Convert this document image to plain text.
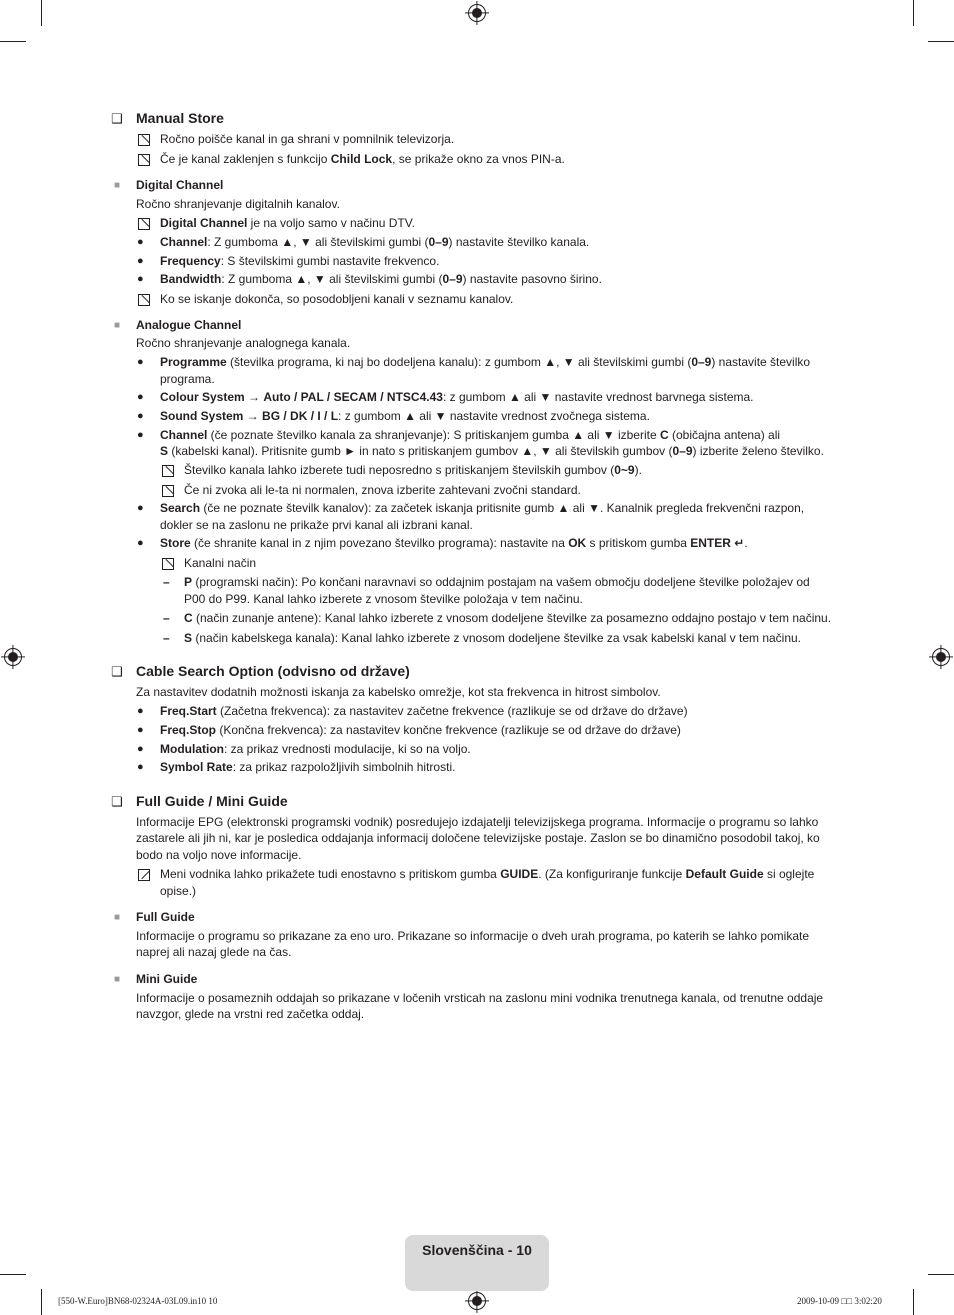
❑ Manual Store
Ročno poišče kanal in ga shrani v pomnilnik televizorja.
Če je kanal zaklenjen s funkcijo Child Lock, se prikaže okno za vnos PIN-a.
■ Digital Channel
Ročno shranjevanje digitalnih kanalov.
Digital Channel je na voljo samo v načinu DTV.
● Channel: Z gumboma ▲, ▼ ali številskimi gumbi (0–9) nastavite številko kanala.
● Frequency: S številskimi gumbi nastavite frekvenco.
● Bandwidth: Z gumboma ▲, ▼ ali številskimi gumbi (0–9) nastavite pasovno širino.
Ko se iskanje dokonča, so posodobljeni kanali v seznamu kanalov.
■ Analogue Channel
Ročno shranjevanje analognega kanala.
● Programme (številka programa, ki naj bo dodeljena kanalu): z gumbom ▲, ▼ ali številskimi gumbi (0–9) nastavite številko
programa.
● Colour System → Auto / PAL / SECAM / NTSC4.43: z gumbom ▲ ali ▼ nastavite vrednost barvnega sistema.
● Sound System → BG / DK / I / L: z gumbom ▲ ali ▼ nastavite vrednost zvočnega sistema.
● Channel (če poznate številko kanala za shranjevanje): S pritiskanjem gumba ▲ ali ▼ izberite C (običajna antena) ali
S (kabelski kanal). Pritisnite gumb ► in nato s pritiskanjem gumbov ▲, ▼ ali številskih gumbov (0–9) izberite želeno številko.
Številko kanala lahko izberete tudi neposredno s pritiskanjem številskih gumbov (0~9).
Če ni zvoka ali le-ta ni normalen, znova izberite zahtevani zvočni standard.
● Search (če ne poznate številk kanalov): za začetek iskanja pritisnite gumb ▲ ali ▼. Kanalnik pregleda frekvenčni razpon,
dokler se na zaslonu ne prikaže prvi kanal ali izbrani kanal.
● Store (če shranite kanal in z njim povezano številko programa): nastavite na OK s pritiskom gumba ENTER ↵.
Kanalni način
– P (programski način): Po končani naravnavi so oddajnim postajam na vašem območju dodeljene številke položajev od
P00 do P99. Kanal lahko izberete z vnosom številke položaja v tem načinu.
– C (način zunanje antene): Kanal lahko izberete z vnosom dodeljene številke za posamezno oddajno postajo v tem načinu.
– S (način kabelskega kanala): Kanal lahko izberete z vnosom dodeljene številke za vsak kabelski kanal v tem načinu.
❑ Cable Search Option (odvisno od države)
Za nastavitev dodatnih možnosti iskanja za kabelsko omrežje, kot sta frekvenca in hitrost simbolov.
● Freq.Start (Začetna frekvenca): za nastavitev začetne frekvence (razlikuje se od države do države)
● Freq.Stop (Končna frekvenca): za nastavitev končne frekvence (razlikuje se od države do države)
● Modulation: za prikaz vrednosti modulacije, ki so na voljo.
● Symbol Rate: za prikaz razpoložljivih simbolnih hitrosti.
❑ Full Guide / Mini Guide
Informacije EPG (elektronski programski vodnik) posredujejo izdajatelji televizijskega programa. Informacije o programu so lahko
zastarele ali jih ni, kar je posledica oddajanja informacij določene televizijske postaje. Zaslon se bo dinamično posodobil takoj, ko
bodo na voljo nove informacije.
Meni vodnika lahko prikažete tudi enostavno s pritiskom gumba GUIDE. (Za konfiguriranje funkcije Default Guide si oglejte
opise.)
■ Full Guide
Informacije o programu so prikazane za eno uro. Prikazane so informacije o dveh urah programa, po katerih se lahko pomikate
naprej ali nazaj glede na čas.
■ Mini Guide
Informacije o posameznih oddajah so prikazane v ločenih vrsticah na zaslonu mini vodnika trenutnega kanala, od trenutne oddaje
navzgor, glede na vrstni red začetka oddaj.
Slovenščina - 10
[550-W.Euro]BN68-02324A-03L09.in10 10	2009-10-09 □□ 3:02:20
